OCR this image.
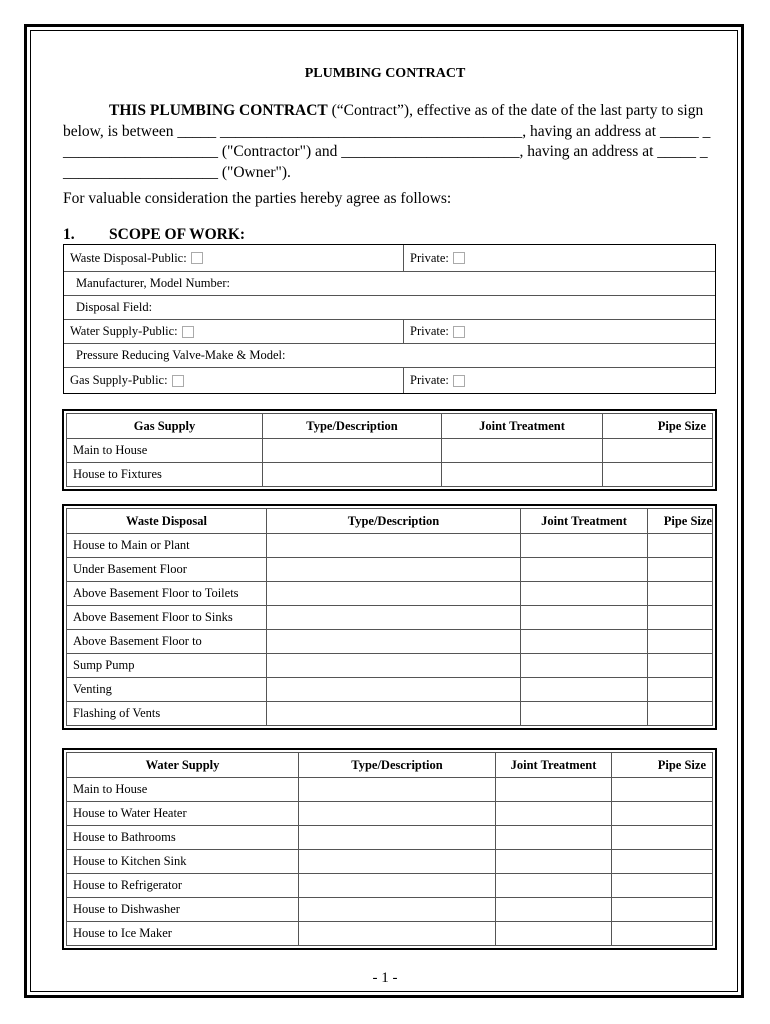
PLUMBING CONTRACT
THIS PLUMBING CONTRACT (“Contract”), effective as of the date of the last party to sign
below, is between _____ _______________________________________, having an address at _____ _
____________________ ("Contractor") and _______________________, having an address at _____ _
____________________ ("Owner").
For valuable consideration the parties hereby agree as follows:
1. SCOPE OF WORK:
Waste Disposal-Public:	Private:
Manufacturer, Model Number:
Disposal Field:
Water Supply-Public:	Private:
Pressure Reducing Valve-Make & Model:
Gas Supply-Public:	Private:
Gas Supply	Type/Description	Joint Treatment	Pipe Size
Main to House			
House to Fixtures			
Waste Disposal	Type/Description	Joint Treatment	Pipe Size
House to Main or Plant			
Under Basement Floor			
Above Basement Floor to Toilets			
Above Basement Floor to Sinks			
Above Basement Floor to			
Sump Pump			
Venting			
Flashing of Vents			
Water Supply	Type/Description	Joint Treatment	Pipe Size
Main to House			
House to Water Heater			
House to Bathrooms			
House to Kitchen Sink			
House to Refrigerator			
House to Dishwasher			
House to Ice Maker			
- 1 -
